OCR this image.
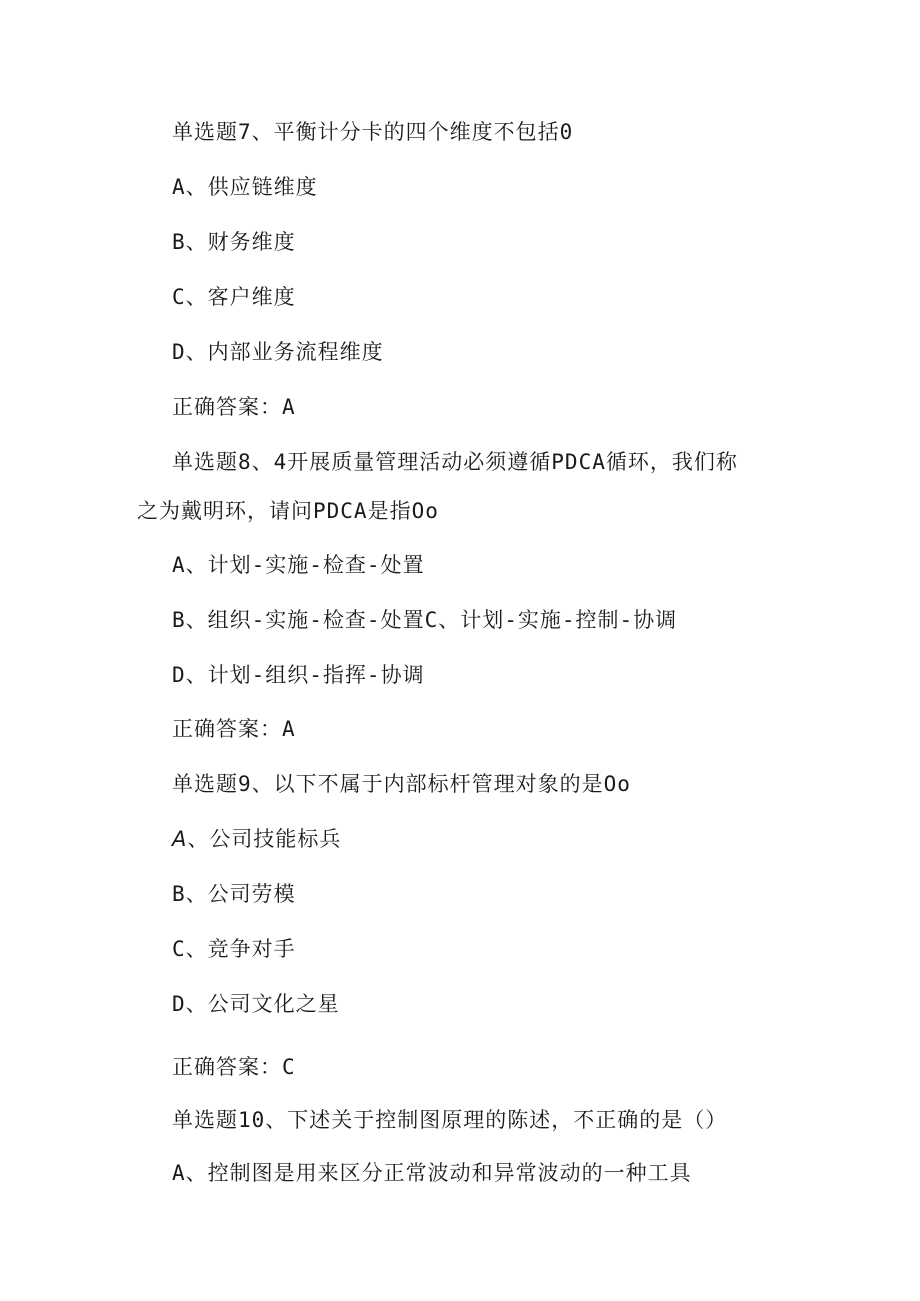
单选题7、平衡计分卡的四个维度不包括0
A、供应链维度
B、财务维度
C、客户维度
D、内部业务流程维度
正确答案：A
单选题8、4开展质量管理活动必须遵循PDCA循环，我们称
之为戴明环，请问PDCA是指Oo
A、计划-实施-检查-处置
B、组织-实施-检查-处置C、计划-实施-控制-协调
D、计划-组织-指挥-协调
正确答案：A
单选题9、以下不属于内部标杆管理对象的是Oo
A、公司技能标兵
B、公司劳模
C、竞争对手
D、公司文化之星
正确答案：C
单选题10、下述关于控制图原理的陈述，不正确的是（）
A、控制图是用来区分正常波动和异常波动的一种工具
